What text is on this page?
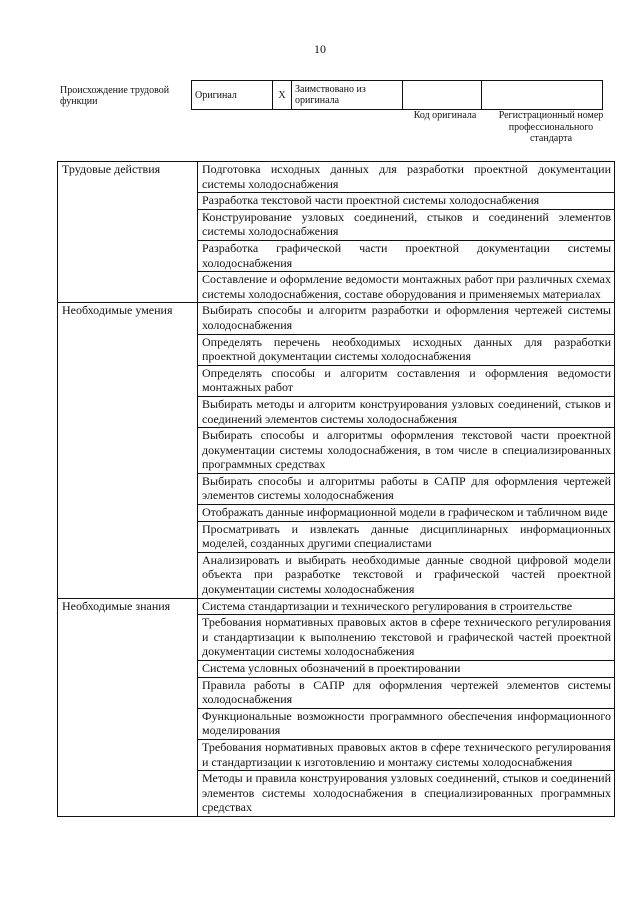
10
Происхождение трудовой функции
Оригинал	X	Заимствовано из оригинала		
Код оригинала	Регистрационный номер профессионального стандарта
Трудовые действия	Подготовка исходных данных для разработки проектной документации системы холодоснабжения
	Разработка текстовой части проектной системы холодоснабжения
	Конструирование узловых соединений, стыков и соединений элементов системы холодоснабжения
	Разработка графической части проектной документации системы холодоснабжения
	Составление и оформление ведомости монтажных работ при различных схемах системы холодоснабжения, составе оборудования и применяемых материалах
Необходимые умения	Выбирать способы и алгоритм разработки и оформления чертежей системы холодоснабжения
	Определять перечень необходимых исходных данных для разработки проектной документации системы холодоснабжения
	Определять способы и алгоритм составления и оформления ведомости монтажных работ
	Выбирать методы и алгоритм конструирования узловых соединений, стыков и соединений элементов системы холодоснабжения
	Выбирать способы и алгоритмы оформления текстовой части проектной документации системы холодоснабжения, в том числе в специализированных программных средствах
	Выбирать способы и алгоритмы работы в САПР для оформления чертежей элементов системы холодоснабжения
	Отображать данные информационной модели в графическом и табличном виде
	Просматривать и извлекать данные дисциплинарных информационных моделей, созданных другими специалистами
	Анализировать и выбирать необходимые данные сводной цифровой модели объекта при разработке текстовой и графической частей проектной документации системы холодоснабжения
Необходимые знания	Система стандартизации и технического регулирования в строительстве
	Требования нормативных правовых актов в сфере технического регулирования и стандартизации к выполнению текстовой и графической частей проектной документации системы холодоснабжения
	Система условных обозначений в проектировании
	Правила работы в САПР для оформления чертежей элементов системы холодоснабжения
	Функциональные возможности программного обеспечения информационного моделирования
	Требования нормативных правовых актов в сфере технического регулирования и стандартизации к изготовлению и монтажу системы холодоснабжения
	Методы и правила конструирования узловых соединений, стыков и соединений элементов системы холодоснабжения в специализированных программных средствах
